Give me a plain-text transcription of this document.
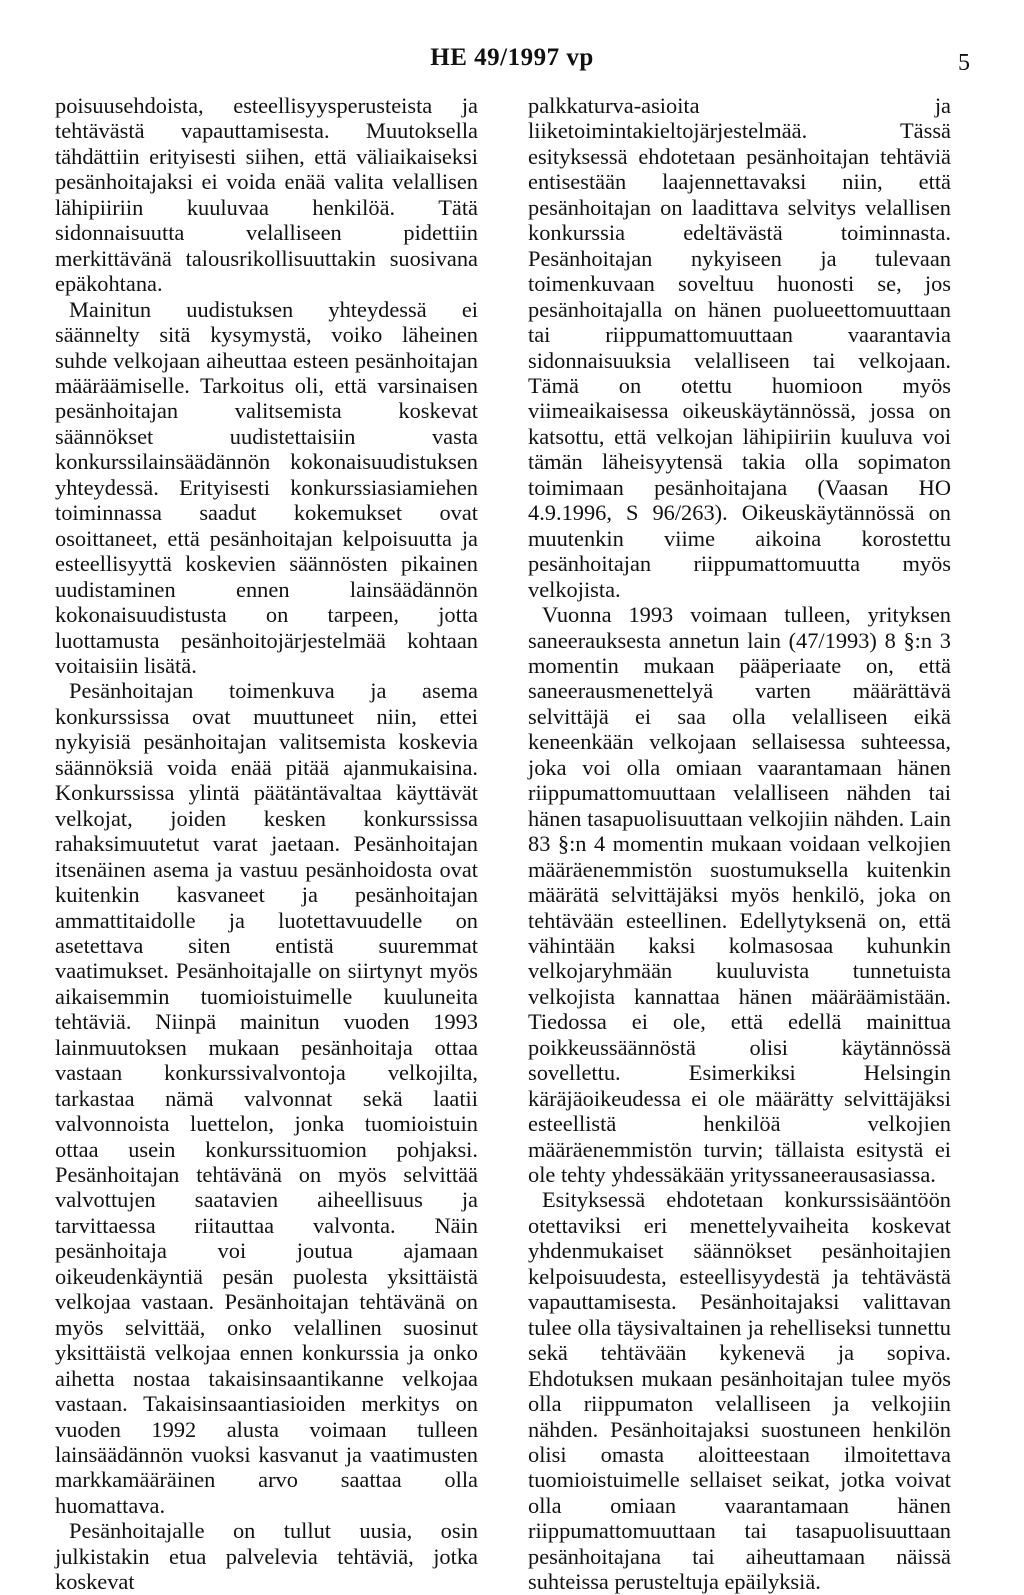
HE 49/1997 vp	5

poisuusehdoista, esteellisyysperusteista ja tehtävästä vapauttamisesta. Muutoksella tähdättiin erityisesti siihen, että väliaikaiseksi pesänhoitajaksi ei voida enää valita velallisen lähipiiriin kuuluvaa henkilöä. Tätä sidonnaisuutta velalliseen pidettiin merkittävänä talousrikollisuuttakin suosivana epäkohtana.

Mainitun uudistuksen yhteydessä ei säännelty sitä kysymystä, voiko läheinen suhde velkojaan aiheuttaa esteen pesänhoitajan määräämiselle. Tarkoitus oli, että varsinaisen pesänhoitajan valitsemista koskevat säännökset uudistettaisiin vasta konkurssilainsäädännön kokonaisuudistuksen yhteydessä. Erityisesti konkurssiasiamiehen toiminnassa saadut kokemukset ovat osoittaneet, että pesänhoitajan kelpoisuutta ja esteellisyyttä koskevien säännösten pikainen uudistaminen ennen lainsäädännön kokonaisuudistusta on tarpeen, jotta luottamusta pesänhoitojärjestelmää kohtaan voitaisiin lisätä.

Pesänhoitajan toimenkuva ja asema konkurssissa ovat muuttuneet niin, ettei nykyisiä pesänhoitajan valitsemista koskevia säännöksiä voida enää pitää ajanmukaisina. Konkurssissa ylintä päätäntävaltaa käyttävät velkojat, joiden kesken konkurssissa rahaksimuutetut varat jaetaan. Pesänhoitajan itsenäinen asema ja vastuu pesänhoidosta ovat kuitenkin kasvaneet ja pesänhoitajan ammattitaidolle ja luotettavuudelle on asetettava siten entistä suuremmat vaatimukset. Pesänhoitajalle on siirtynyt myös aikaisemmin tuomioistuimelle kuuluneita tehtäviä. Niinpä mainitun vuoden 1993 lainmuutoksen mukaan pesänhoitaja ottaa vastaan konkurssivalvontoja velkojilta, tarkastaa nämä valvonnat sekä laatii valvonnoista luettelon, jonka tuomioistuin ottaa usein konkurssituomion pohjaksi. Pesänhoitajan tehtävänä on myös selvittää valvottujen saatavien aiheellisuus ja tarvittaessa riitauttaa valvonta. Näin pesänhoitaja voi joutua ajamaan oikeudenkäyntiä pesän puolesta yksittäistä velkojaa vastaan. Pesänhoitajan tehtävänä on myös selvittää, onko velallinen suosinut yksittäistä velkojaa ennen konkurssia ja onko aihetta nostaa takaisinsaantikanne velkojaa vastaan. Takaisinsaantiasioiden merkitys on vuoden 1992 alusta voimaan tulleen lainsäädännön vuoksi kasvanut ja vaatimusten markkamääräinen arvo saattaa olla huomattava.

Pesänhoitajalle on tullut uusia, osin julkistakin etua palvelevia tehtäviä, jotka koskevat

palkkaturva-asioita ja liiketoimintakieltojärjestelmää. Tässä esityksessä ehdotetaan pesänhoitajan tehtäviä entisestään laajennettavaksi niin, että pesänhoitajan on laadittava selvitys velallisen konkurssia edeltävästä toiminnasta. Pesänhoitajan nykyiseen ja tulevaan toimenkuvaan soveltuu huonosti se, jos pesänhoitajalla on hänen puolueettomuuttaan tai riippumattomuuttaan vaarantavia sidonnaisuuksia velalliseen tai velkojaan. Tämä on otettu huomioon myös viimeaikaisessa oikeuskäytännössä, jossa on katsottu, että velkojan lähipiiriin kuuluva voi tämän läheisyytensä takia olla sopimaton toimimaan pesänhoitajana (Vaasan HO 4.9.1996, S 96/263). Oikeuskäytännössä on muutenkin viime aikoina korostettu pesänhoitajan riippumattomuutta myös velkojista.

Vuonna 1993 voimaan tulleen, yrityksen saneerauksesta annetun lain (47/1993) 8 §:n 3 momentin mukaan pääperiaate on, että saneerausmenettelyä varten määrättävä selvittäjä ei saa olla velalliseen eikä keneenkään velkojaan sellaisessa suhteessa, joka voi olla omiaan vaarantamaan hänen riippumattomuuttaan velalliseen nähden tai hänen tasapuolisuuttaan velkojiin nähden. Lain 83 §:n 4 momentin mukaan voidaan velkojien määräenemmistön suostumuksella kuitenkin määrätä selvittäjäksi myös henkilö, joka on tehtävään esteellinen. Edellytyksenä on, että vähintään kaksi kolmasosaa kuhunkin velkojaryhmään kuuluvista tunnetuista velkojista kannattaa hänen määräämistään. Tiedossa ei ole, että edellä mainittua poikkeussäännöstä olisi käytännössä sovellettu. Esimerkiksi Helsingin käräjäoikeudessa ei ole määrätty selvittäjäksi esteellistä henkilöä velkojien määräenemmistön turvin; tällaista esitystä ei ole tehty yhdessäkään yrityssaneerausasiassa.

Esityksessä ehdotetaan konkurssisääntöön otettaviksi eri menettelyvaiheita koskevat yhdenmukaiset säännökset pesänhoitajien kelpoisuudesta, esteellisyydestä ja tehtävästä vapauttamisesta. Pesänhoitajaksi valittavan tulee olla täysivaltainen ja rehelliseksi tunnettu sekä tehtävään kykenevä ja sopiva. Ehdotuksen mukaan pesänhoitajan tulee myös olla riippumaton velalliseen ja velkojiin nähden. Pesänhoitajaksi suostuneen henkilön olisi omasta aloitteestaan ilmoitettava tuomioistuimelle sellaiset seikat, jotka voivat olla omiaan vaarantamaan hänen riippumattomuuttaan tai tasapuolisuuttaan pesänhoitajana tai aiheuttamaan näissä suhteissa perusteltuja epäilyksiä.
